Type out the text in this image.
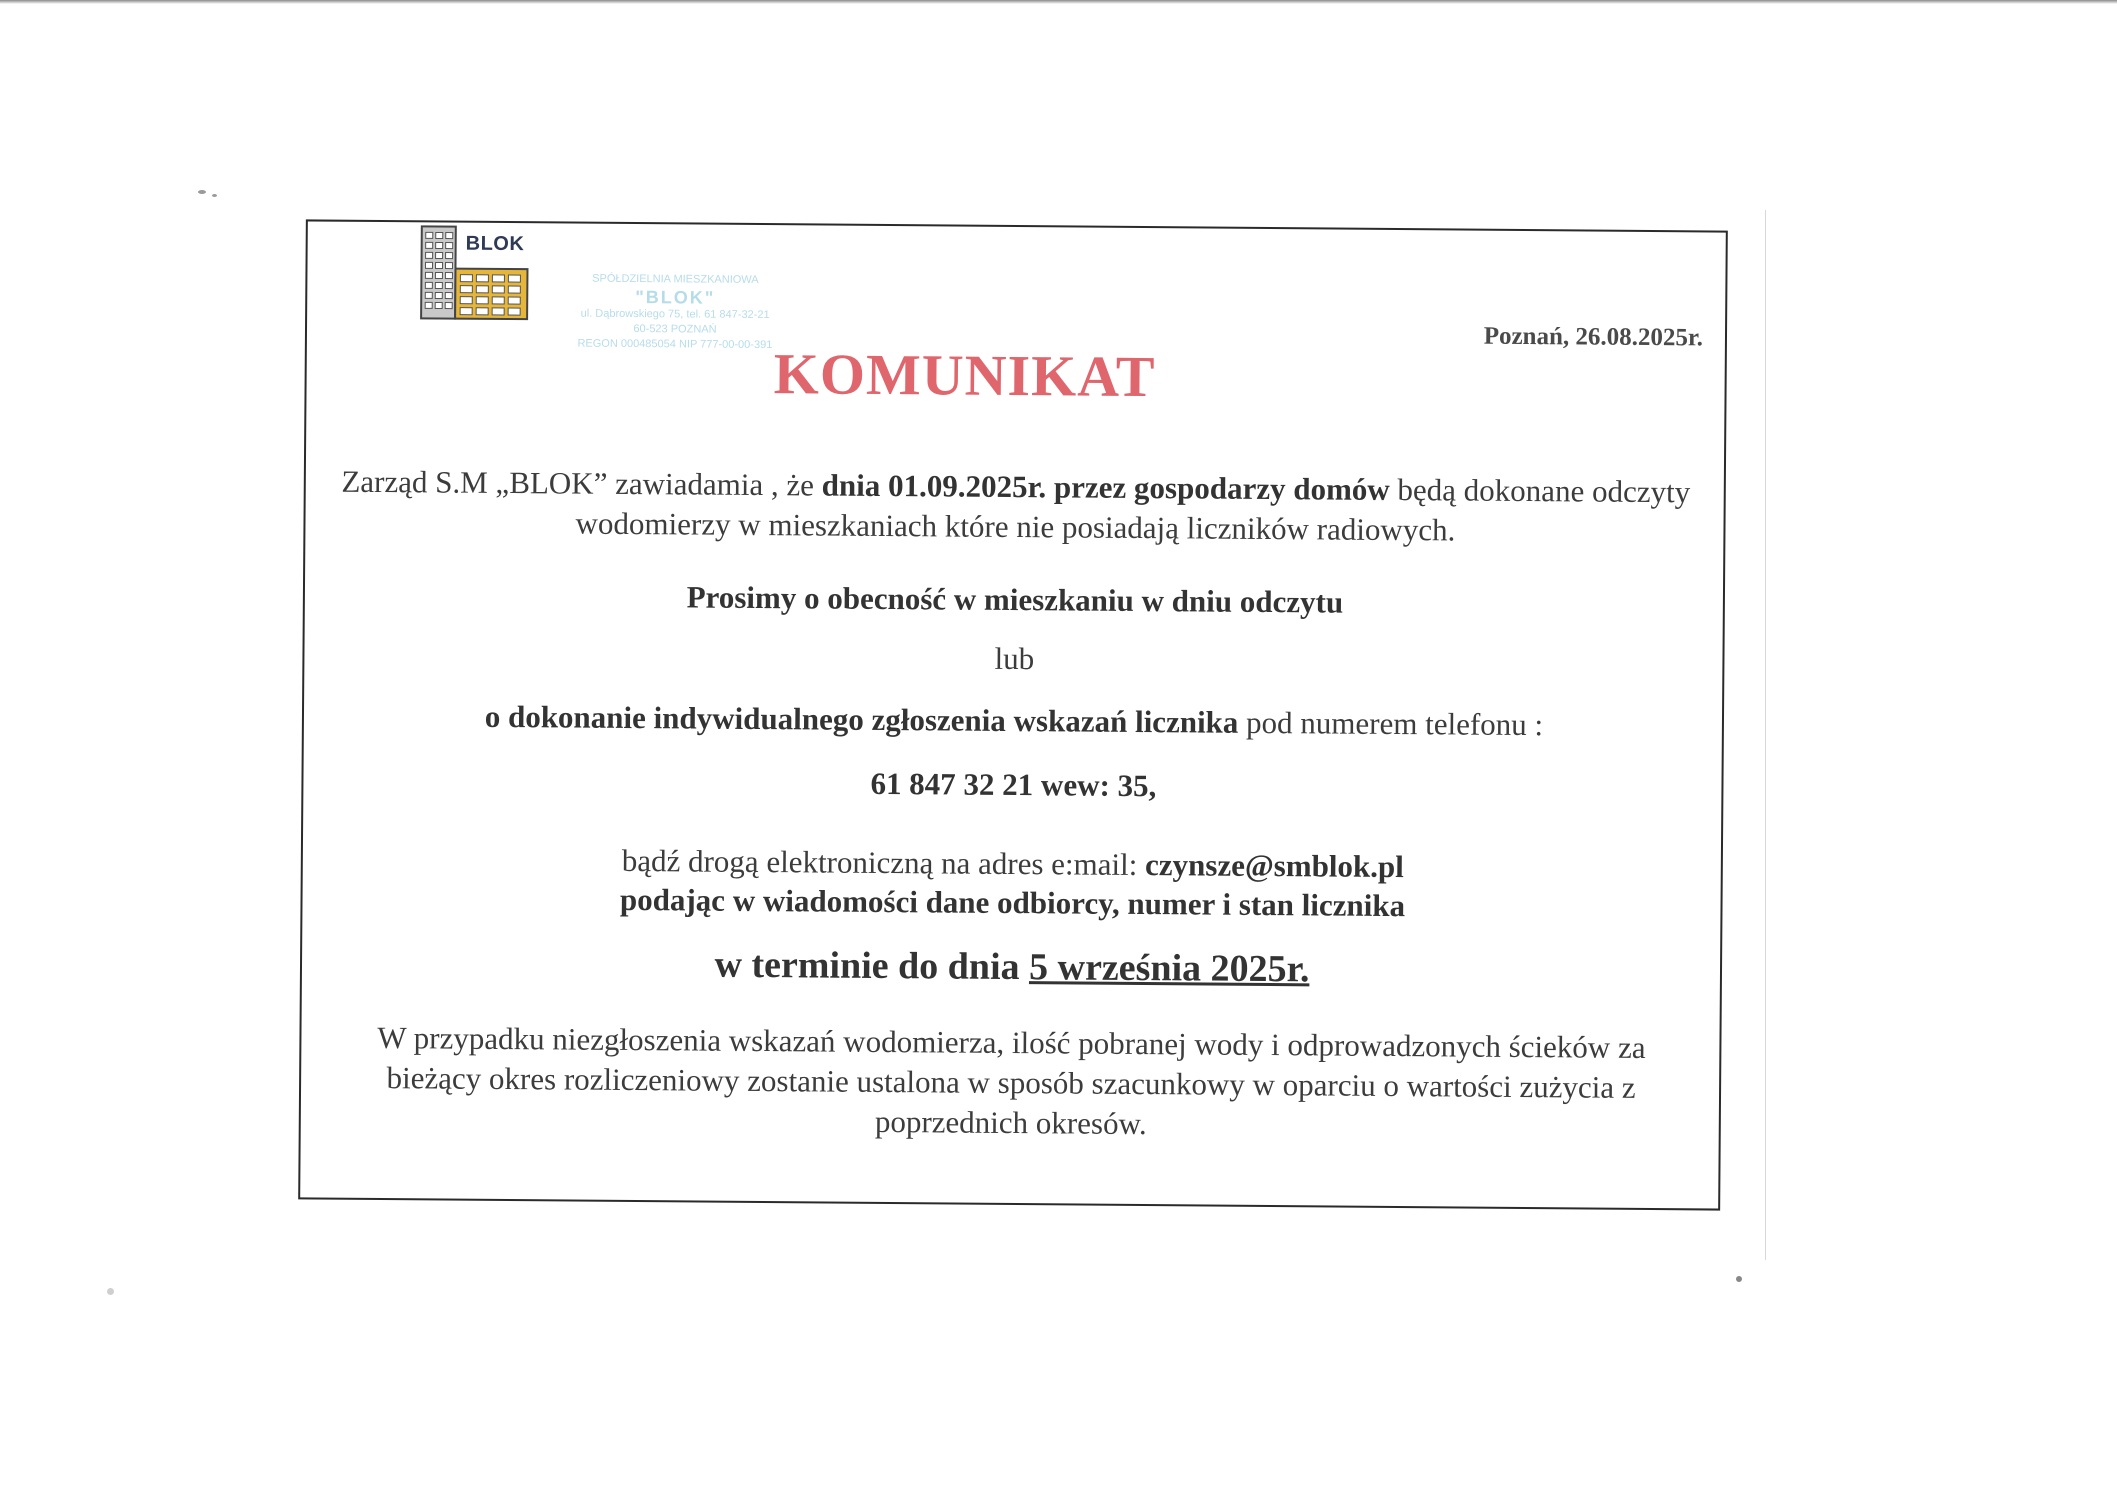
BLOK
SPÓŁDZIELNIA MIESZKANIOWA
"BLOK"
ul. Dąbrowskiego 75, tel. 61 847-32-21
60-523 POZNAŃ
REGON 000485054 NIP 777-00-00-391	Poznań, 26.08.2025r.
KOMUNIKAT
Zarząd S.M „BLOK” zawiadamia , że dnia 01.09.2025r. przez gospodarzy domów będą dokonane odczyty wodomierzy w mieszkaniach które nie posiadają liczników radiowych.
Prosimy o obecność w mieszkaniu w dniu odczytu
lub
o dokonanie indywidualnego zgłoszenia wskazań licznika pod numerem telefonu :
61 847 32 21 wew: 35,
bądź drogą elektroniczną na adres e:mail: czynsze@smblok.pl
podając w wiadomości dane odbiorcy, numer i stan licznika
w terminie do dnia 5 września 2025r.
W przypadku niezgłoszenia wskazań wodomierza, ilość pobranej wody i odprowadzonych ścieków za bieżący okres rozliczeniowy zostanie ustalona w sposób szacunkowy w oparciu o wartości zużycia z poprzednich okresów.
